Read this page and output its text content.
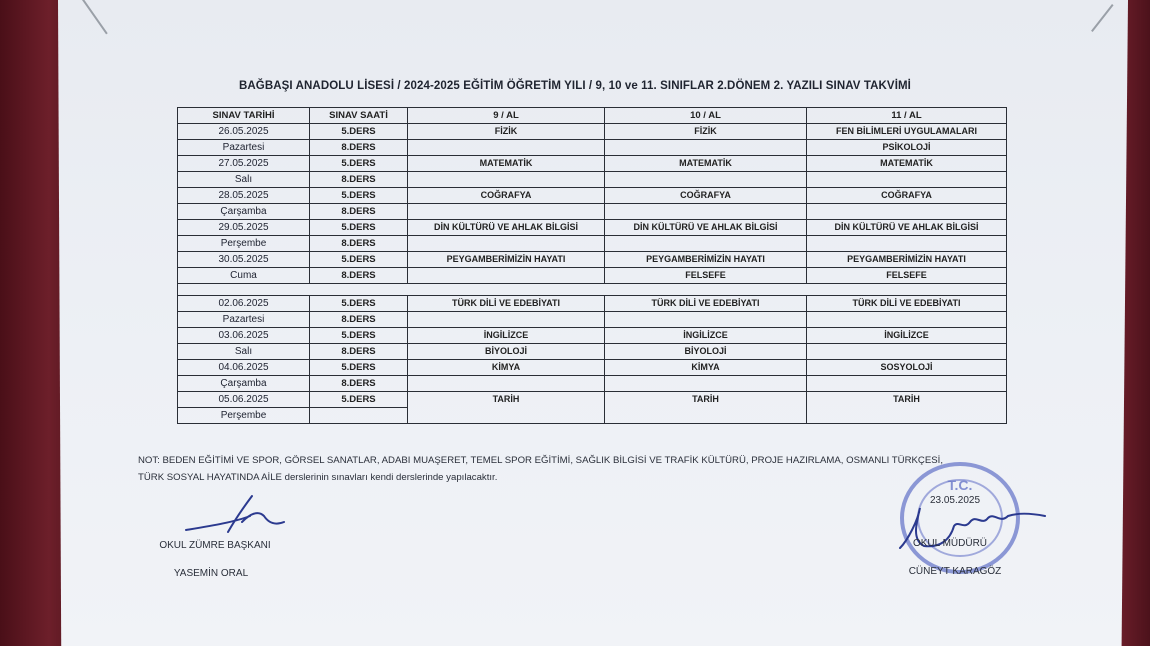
BAĞBAŞI ANADOLU LİSESİ / 2024-2025 EĞİTİM ÖĞRETİM YILI / 9, 10 ve 11. SINIFLAR 2.DÖNEM 2. YAZILI SINAV TAKVİMİ
SINAV TARİHİ	SINAV SAATİ	9 / AL	10 / AL	11 / AL
26.05.2025	5.DERS	FİZİK	FİZİK	FEN BİLİMLERİ UYGULAMALARI
Pazartesi	8.DERS			PSİKOLOJİ
27.05.2025	5.DERS	MATEMATİK	MATEMATİK	MATEMATİK
Salı	8.DERS			
28.05.2025	5.DERS	COĞRAFYA	COĞRAFYA	COĞRAFYA
Çarşamba	8.DERS			
29.05.2025	5.DERS	DİN KÜLTÜRÜ VE AHLAK BİLGİSİ	DİN KÜLTÜRÜ VE AHLAK BİLGİSİ	DİN KÜLTÜRÜ VE AHLAK BİLGİSİ
Perşembe	8.DERS			
30.05.2025	5.DERS	PEYGAMBERİMİZİN HAYATI	PEYGAMBERİMİZİN HAYATI	PEYGAMBERİMİZİN HAYATI
Cuma	8.DERS		FELSEFE	FELSEFE

02.06.2025	5.DERS	TÜRK DİLİ VE EDEBİYATI	TÜRK DİLİ VE EDEBİYATI	TÜRK DİLİ VE EDEBİYATI
Pazartesi	8.DERS			
03.06.2025	5.DERS	İNGİLİZCE	İNGİLİZCE	İNGİLİZCE
Salı	8.DERS	BİYOLOJİ	BİYOLOJİ	
04.06.2025	5.DERS	KİMYA	KİMYA	SOSYOLOJİ
Çarşamba	8.DERS			
05.06.2025	5.DERS	TARİH	TARİH	TARİH
Perşembe				
NOT: BEDEN EĞİTİMİ VE SPOR, GÖRSEL SANATLAR, ADABI MUAŞERET, TEMEL SPOR EĞİTİMİ, SAĞLIK BİLGİSİ VE TRAFİK KÜLTÜRÜ, PROJE HAZIRLAMA, OSMANLI TÜRKÇESİ,
TÜRK SOSYAL HAYATINDA AİLE derslerinin sınavları kendi derslerinde yapılacaktır.
OKUL ZÜMRE BAŞKANI
YASEMİN ORAL
T.C.
23.05.2025
OKUL MÜDÜRÜ
CÜNEYT KARAGÖZ
